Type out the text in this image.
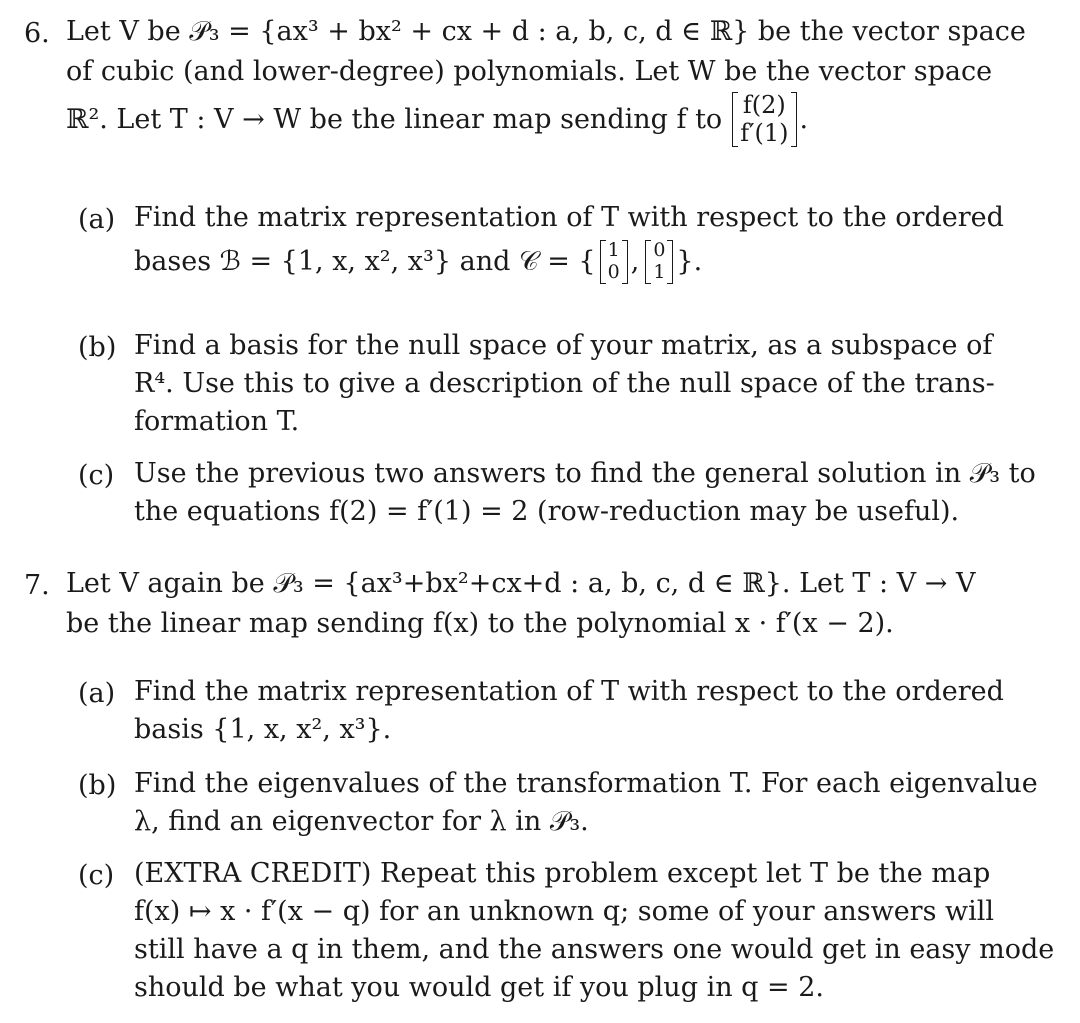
6. Let V be 𝒫₃ = {ax³ + bx² + cx + d : a, b, c, d ∈ ℝ} be the vector space
of cubic (and lower-degree) polynomials. Let W be the vector space
ℝ². Let T : V → W be the linear map sending f to f(2)
f′(1) .
(a) Find the matrix representation of T with respect to the ordered
bases ℬ = {1, x, x², x³} and 𝒞 = { 1
0 , 0
1 }.
(b) Find a basis for the null space of your matrix, as a subspace of
R⁴. Use this to give a description of the null space of the trans-
formation T.
(c) Use the previous two answers to find the general solution in 𝒫₃ to
the equations f(2) = f′(1) = 2 (row-reduction may be useful).
7. Let V again be 𝒫₃ = {ax³+bx²+cx+d : a, b, c, d ∈ ℝ}. Let T : V → V
be the linear map sending f(x) to the polynomial x · f′(x − 2).
(a) Find the matrix representation of T with respect to the ordered
basis {1, x, x², x³}.
(b) Find the eigenvalues of the transformation T. For each eigenvalue
λ, find an eigenvector for λ in 𝒫₃.
(c) (EXTRA CREDIT) Repeat this problem except let T be the map
f(x) ↦ x · f′(x − q) for an unknown q; some of your answers will
still have a q in them, and the answers one would get in easy mode
should be what you would get if you plug in q = 2.
